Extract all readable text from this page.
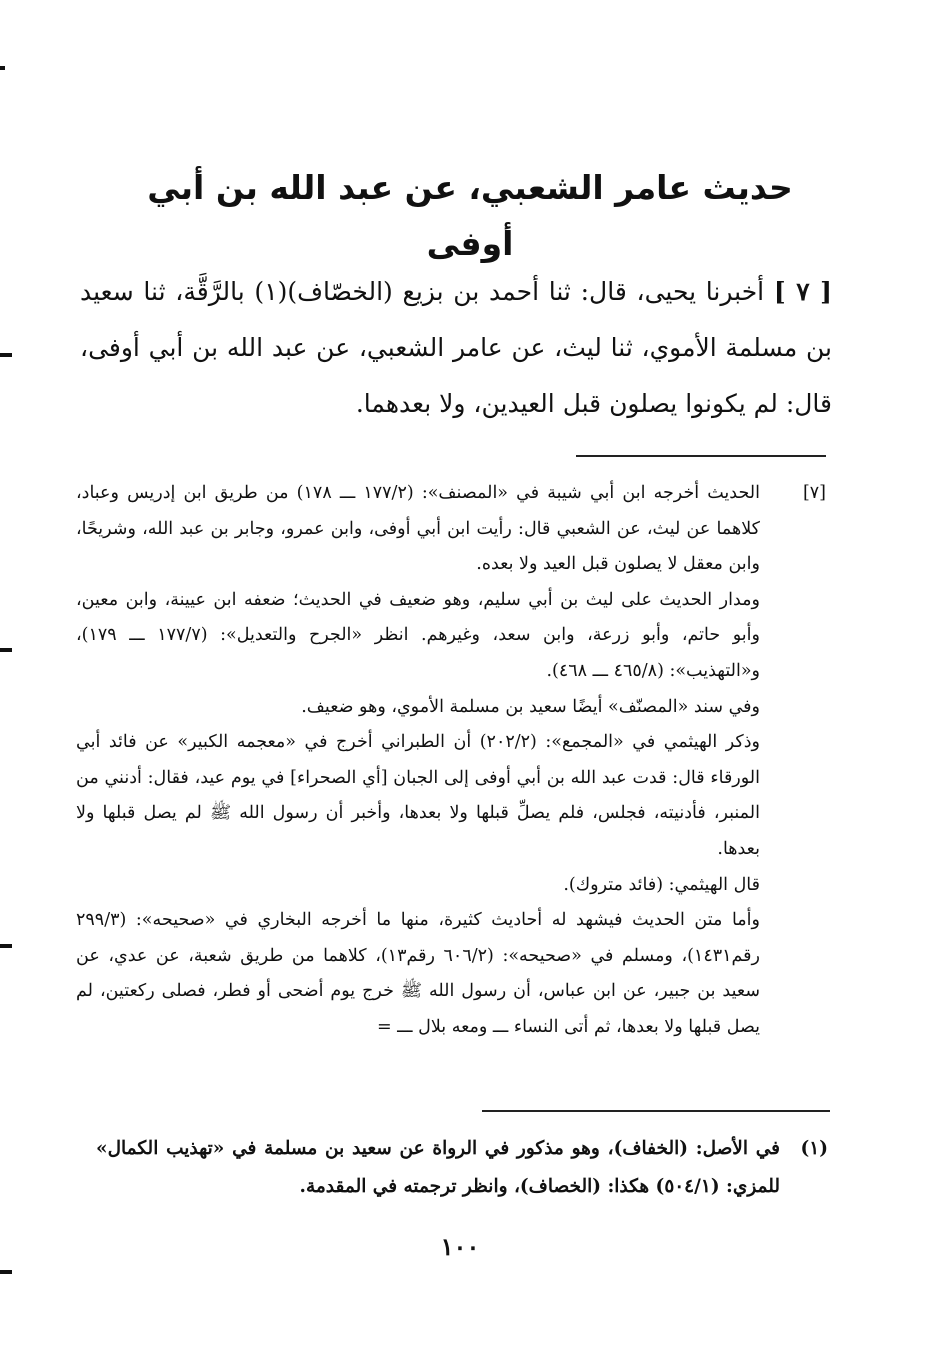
حديث عامر الشعبي، عن عبد الله بن أبي أوفى

[ ٧ ] أخبرنا يحيى، قال: ثنا أحمد بن بزيع (الخصّاف)(١) بالرَّقَّة، ثنا سعيد بن مسلمة الأموي، ثنا ليث، عن عامر الشعبي، عن عبد الله بن أبي أوفى، قال: لم يكونوا يصلون قبل العيدين، ولا بعدهما.

[٧]

الحديث أخرجه ابن أبي شيبة في «المصنف»: (١٧٧/٢ ـــ ١٧٨) من طريق ابن إدريس وعباد، كلاهما عن ليث، عن الشعبي قال: رأيت ابن أبي أوفى، وابن عمرو، وجابر بن عبد الله، وشريحًا، وابن معقل لا يصلون قبل العيد ولا بعده.

ومدار الحديث على ليث بن أبي سليم، وهو ضعيف في الحديث؛ ضعفه ابن عيينة، وابن معين، وأبو حاتم، وأبو زرعة، وابن سعد، وغيرهم. انظر «الجرح والتعديل»: (١٧٧/٧ ـــ ١٧٩)، و«التهذيب»: (٤٦٥/٨ ـــ ٤٦٨).

وفي سند «المصنّف» أيضًا سعيد بن مسلمة الأموي، وهو ضعيف.

وذكر الهيثمي في «المجمع»: (٢٠٢/٢) أن الطبراني أخرج في «معجمه الكبير» عن فائد أبي الورقاء قال: قدت عبد الله بن أبي أوفى إلى الجبان [أي الصحراء] في يوم عيد، فقال: أدنني من المنبر، فأدنيته، فجلس، فلم يصلِّ قبلها ولا بعدها، وأخبر أن رسول الله ﷺ لم يصل قبلها ولا بعدها.

قال الهيثمي: (فائد متروك).

وأما متن الحديث فيشهد له أحاديث كثيرة، منها ما أخرجه البخاري في «صحيحه»: (٢٩٩/٣ رقم١٤٣١)، ومسلم في «صحيحه»: (٦٠٦/٢ رقم١٣)، كلاهما من طريق شعبة، عن عدي، عن سعيد بن جبير، عن ابن عباس، أن رسول الله ﷺ خرج يوم أضحى أو فطر، فصلى ركعتين، لم يصل قبلها ولا بعدها، ثم أتى النساء ـــ ومعه بلال ـــ =

(١)
في الأصل: (الخفاف)، وهو مذكور في الرواة عن سعيد بن مسلمة في «تهذيب الكمال» للمزي: (٥٠٤/١) هكذا: (الخصاف)، وانظر ترجمته في المقدمة.
١٠٠
